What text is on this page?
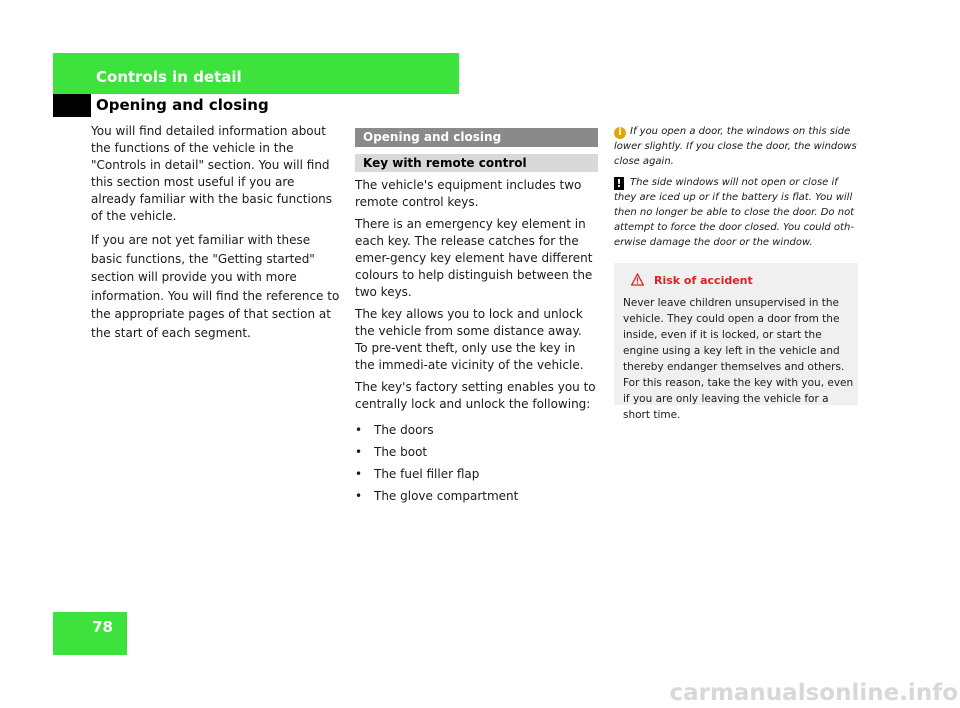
Controls in detail
Opening and closing

You will find detailed information about the functions of the vehicle in the "Controls in detail" section. You will find this section most useful if you are already familiar with the basic functions of the vehicle.

If you are not yet familiar with these basic functions, the "Getting started" section will provide you with more information. You will find the reference to the appropriate pages of that section at the start of each segment.

Opening and closing
Key with remote control

The vehicle's equipment includes two remote control keys.

There is an emergency key element in each key. The release catches for the emer-gency key element have different colours to help distinguish between the two keys.

The key allows you to lock and unlock the vehicle from some distance away. To pre-vent theft, only use the key in the immedi-ate vicinity of the vehicle.

The key's factory setting enables you to centrally lock and unlock the following:

• The doors
• The boot
• The fuel filler flap
• The glove compartment

i If you open a door, the windows on this side lower slightly. If you close the door, the windows close again.

! The side windows will not open or close if they are iced up or if the battery is flat. You will then no longer be able to close the door. Do not attempt to force the door closed. You could oth-erwise damage the door or the window.

Risk of accident
Never leave children unsupervised in the vehicle. They could open a door from the inside, even if it is locked, or start the engine using a key left in the vehicle and thereby endanger themselves and others. For this reason, take the key with you, even if you are only leaving the vehicle for a short time.
78
carmanualsonline.info
